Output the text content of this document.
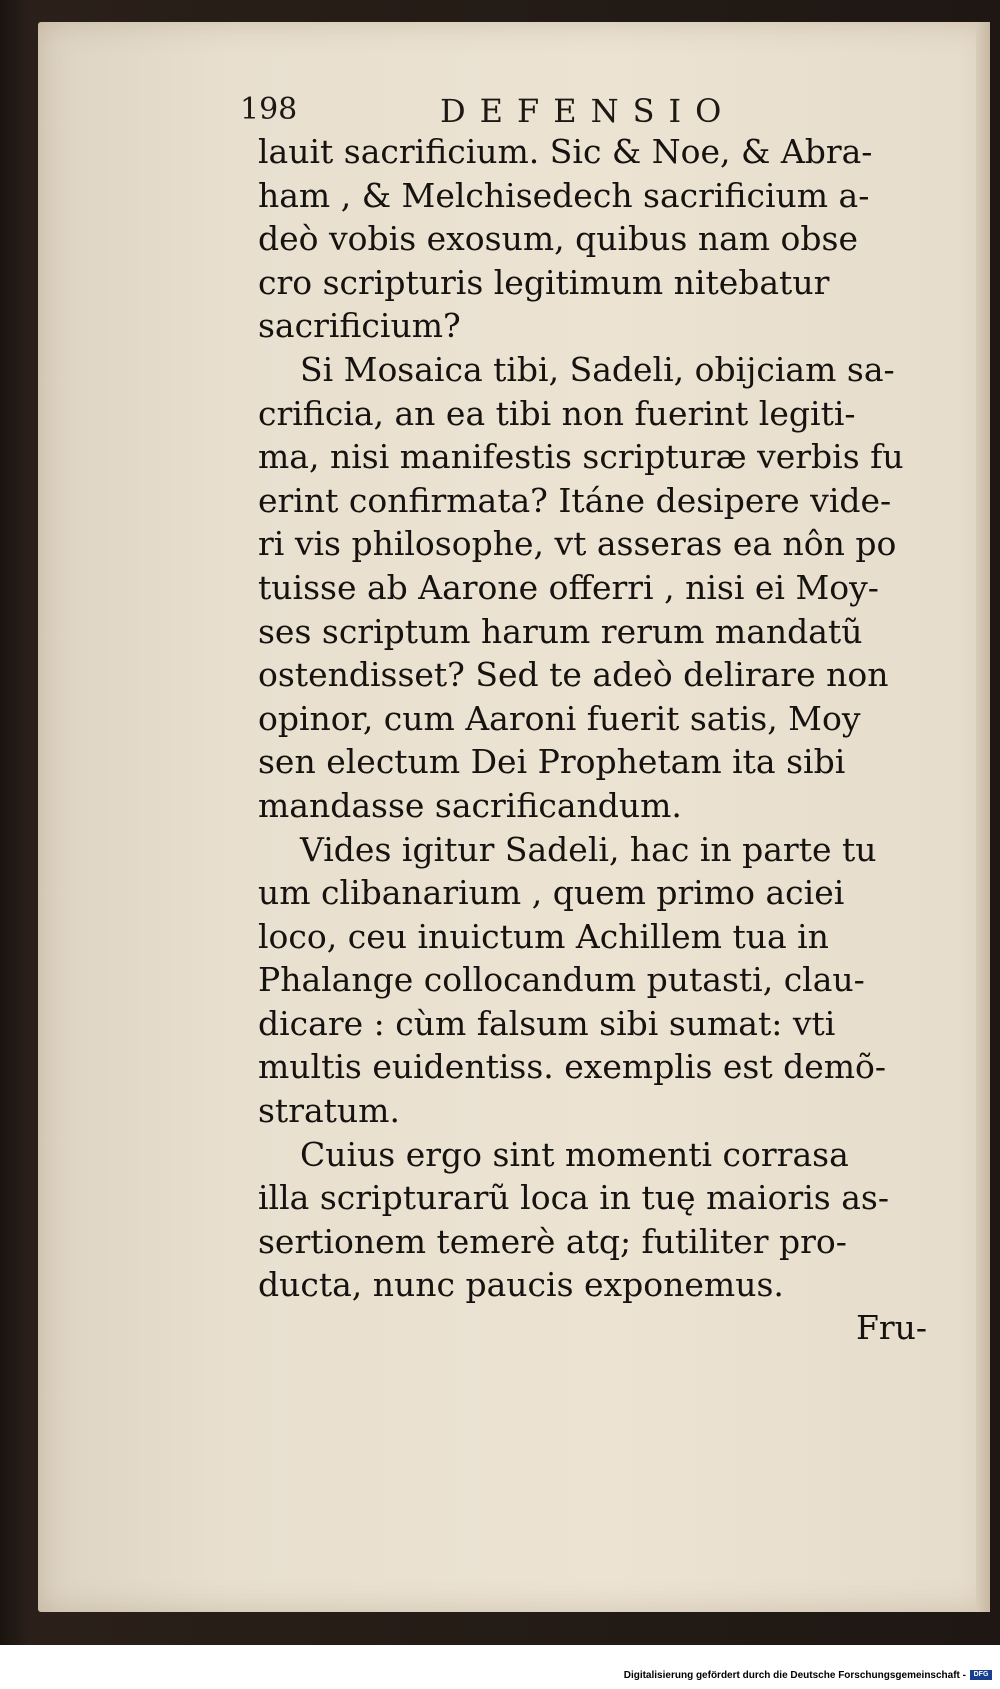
198	DEFENSIO
lauit sacrificium. Sic & Noe, & Abra-
ham , & Melchisedech sacrificium a-
deò vobis exosum, quibus nam obse
cro scripturis legitimum nitebatur
sacrificium?
Si Mosaica tibi, Sadeli, obijciam sa-
crificia, an ea tibi non fuerint legiti-
ma, nisi manifestis scripturæ verbis fu
erint confirmata? Itáne desipere vide-
ri vis philosophe, vt asseras ea nôn po
tuisse ab Aarone offerri , nisi ei Moy-
ses scriptum harum rerum mandatũ
ostendisset? Sed te adeò delirare non
opinor, cum Aaroni fuerit satis, Moy
sen electum Dei Prophetam ita sibi
mandasse sacrificandum.
Vides igitur Sadeli, hac in parte tu
um clibanarium , quem primo aciei
loco, ceu inuictum Achillem tua in
Phalange collocandum putasti, clau-
dicare : cùm falsum sibi sumat: vti
multis euidentiss. exemplis est demõ-
stratum.
Cuius ergo sint momenti corrasa
illa scripturarũ loca in tuę maioris as-
sertionem temerè atq; futiliter pro-
ducta, nunc paucis exponemus.
Fru-
Digitalisierung gefördert durch die Deutsche Forschungsgemeinschaft -	DFG
